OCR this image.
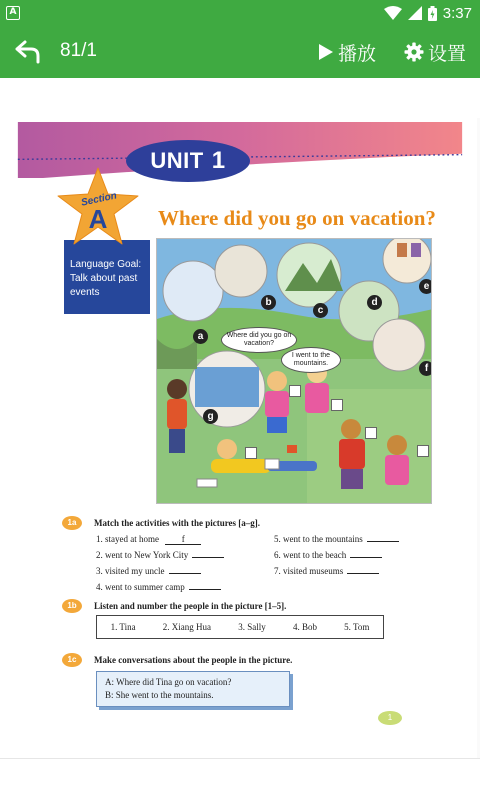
A	3:37
81/1	播放	设置
UNIT 1
Language Goal:
Talk about past events
Section
A Where did you go on vacation?
Where did you go on vacation?
I went to the mountains.
a
b
c
d
e
f
g
1a	Match the activities with the pictures [a–g].
1. stayed at home	f
2. went to New York City
3. visited my uncle
4. went to summer camp
5. went to the mountains
6. went to the beach
7. visited museums
1b	Listen and number the people in the picture [1–5].
1. Tina	2. Xiang Hua	3. Sally	4. Bob	5. Tom
1c	Make conversations about the people in the picture.
A: Where did Tina go on vacation?
B: She went to the mountains.
1
